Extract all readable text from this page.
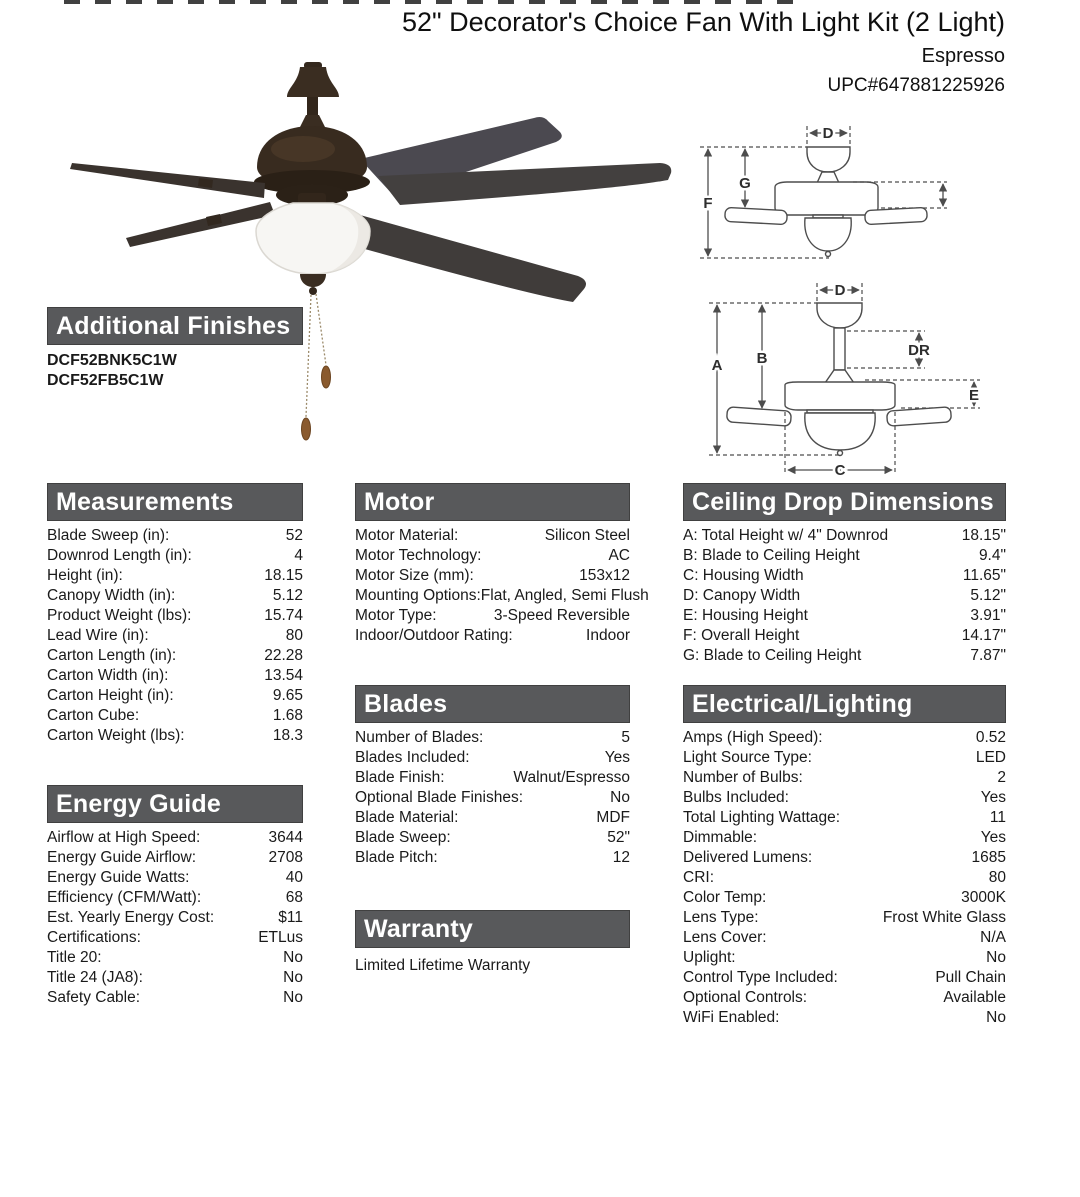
52" Decorator's Choice Fan With Light Kit (2 Light)
Espresso
UPC#647881225926
D
F
G
D
A B	DR
E
C
Additional Finishes
DCF52BNK5C1W
DCF52FB5C1W
Measurements
Blade Sweep (in):	52
Downrod Length (in):	4
Height (in):	18.15
Canopy Width (in):	5.12
Product Weight (lbs):	15.74
Lead Wire (in):	80
Carton Length (in):	22.28
Carton Width (in):	13.54
Carton Height (in):	9.65
Carton Cube:	1.68
Carton Weight (lbs):	18.3
Energy Guide
Airflow at High Speed:	3644
Energy Guide Airflow:	2708
Energy Guide Watts:	40
Efficiency (CFM/Watt):	68
Est. Yearly Energy Cost:	$11
Certifications:	ETLus
Title 20:	No
Title 24 (JA8):	No
Safety Cable:	No
Motor
Motor Material:	Silicon Steel
Motor Technology:	AC
Motor Size (mm):	153x12
Mounting Options: Flat, Angled, Semi Flush
Motor Type:	3-Speed Reversible
Indoor/Outdoor Rating:	Indoor
Blades
Number of Blades:	5
Blades Included:	Yes
Blade Finish:	Walnut/Espresso
Optional Blade Finishes:	No
Blade Material:	MDF
Blade Sweep:	52"
Blade Pitch:	12
Warranty
Limited Lifetime Warranty
Ceiling Drop Dimensions
A: Total Height w/ 4" Downrod	18.15"
B: Blade to Ceiling Height	9.4"
C: Housing Width	11.65"
D: Canopy Width	5.12"
E: Housing Height	3.91"
F: Overall Height	14.17"
G: Blade to Ceiling Height	7.87"
Electrical/Lighting
Amps (High Speed):	0.52
Light Source Type:	LED
Number of Bulbs:	2
Bulbs Included:	Yes
Total Lighting Wattage:	11
Dimmable:	Yes
Delivered Lumens:	1685
CRI:	80
Color Temp:	3000K
Lens Type:	Frost White Glass
Lens Cover:	N/A
Uplight:	No
Control Type Included:	Pull Chain
Optional Controls:	Available
WiFi Enabled:	No
